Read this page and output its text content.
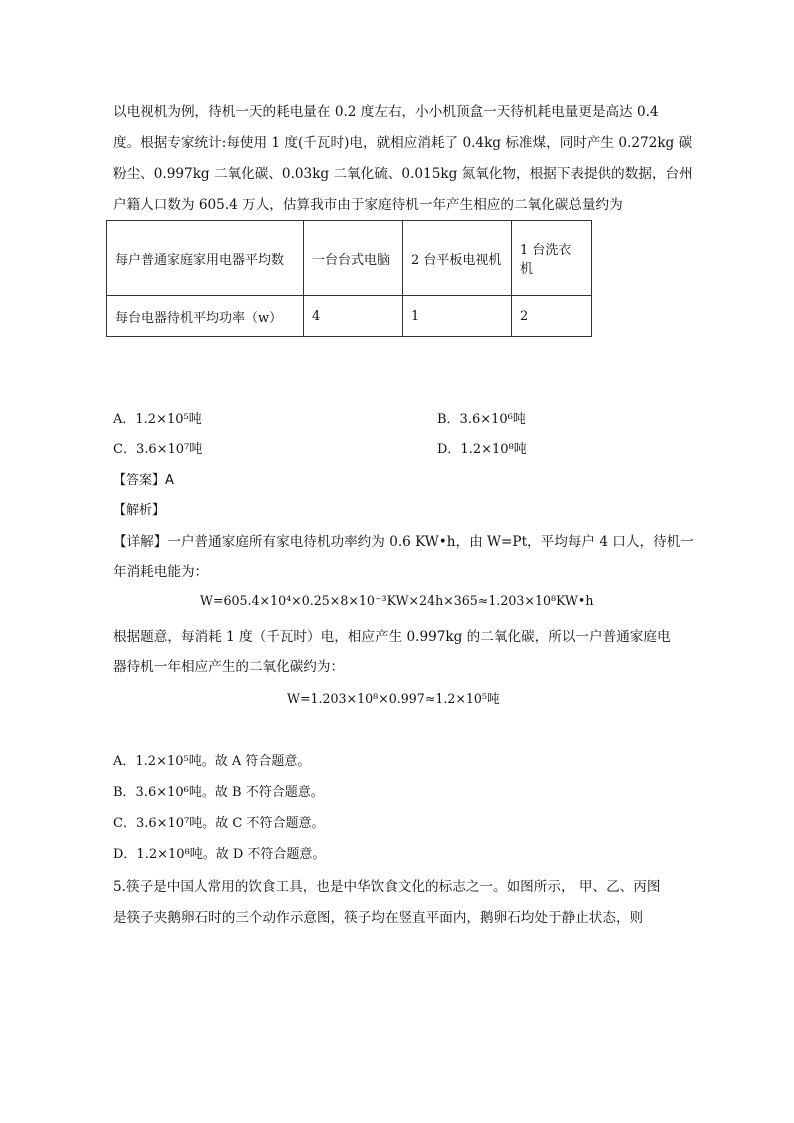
以电视机为例，待机一天的耗电量在 0.2 度左右，小小机顶盒一天待机耗电量更是高达 0.4
度。根据专家统计:每使用 1 度(千瓦时)电，就相应消耗了 0.4kg 标准煤，同时产生 0.272kg 碳
粉尘、0.997kg 二氧化碳、0.03kg 二氧化硫、0.015kg 氮氧化物，根据下表提供的数据，台州
户籍人口数为 605.4 万人，估算我市由于家庭待机一年产生相应的二氧化碳总量约为
每户普通家庭家用电器平均数	一台台式电脑	2 台平板电视机	1 台洗衣机
每台电器待机平均功率（w）	4	1	2
A．1.2×10⁵吨	B．3.6×10⁶吨
C．3.6×10⁷吨	D．1.2×10⁸吨
【答案】A
【解析】
【详解】一户普通家庭所有家电待机功率约为 0.6 KW•h，由 W=Pt，平均每户 4 口人，待机一
年消耗电能为：
W=605.4×10⁴×0.25×8×10⁻³KW×24h×365≈1.203×10⁸KW•h
根据题意，每消耗 1 度（千瓦时）电，相应产生 0.997kg 的二氧化碳，所以一户普通家庭电
器待机一年相应产生的二氧化碳约为：
W=1.203×10⁸×0.997≈1.2×10⁵吨
A．1.2×10⁵吨。故 A 符合题意。
B．3.6×10⁶吨。故 B 不符合题意。
C．3.6×10⁷吨。故 C 不符合题意。
D．1.2×10⁸吨。故 D 不符合题意。
5.筷子是中国人常用的饮食工具，也是中华饮食文化的标志之一。如图所示， 甲、乙、丙图
是筷子夹鹅卵石时的三个动作示意图，筷子均在竖直平面内，鹅卵石均处于静止状态，则
